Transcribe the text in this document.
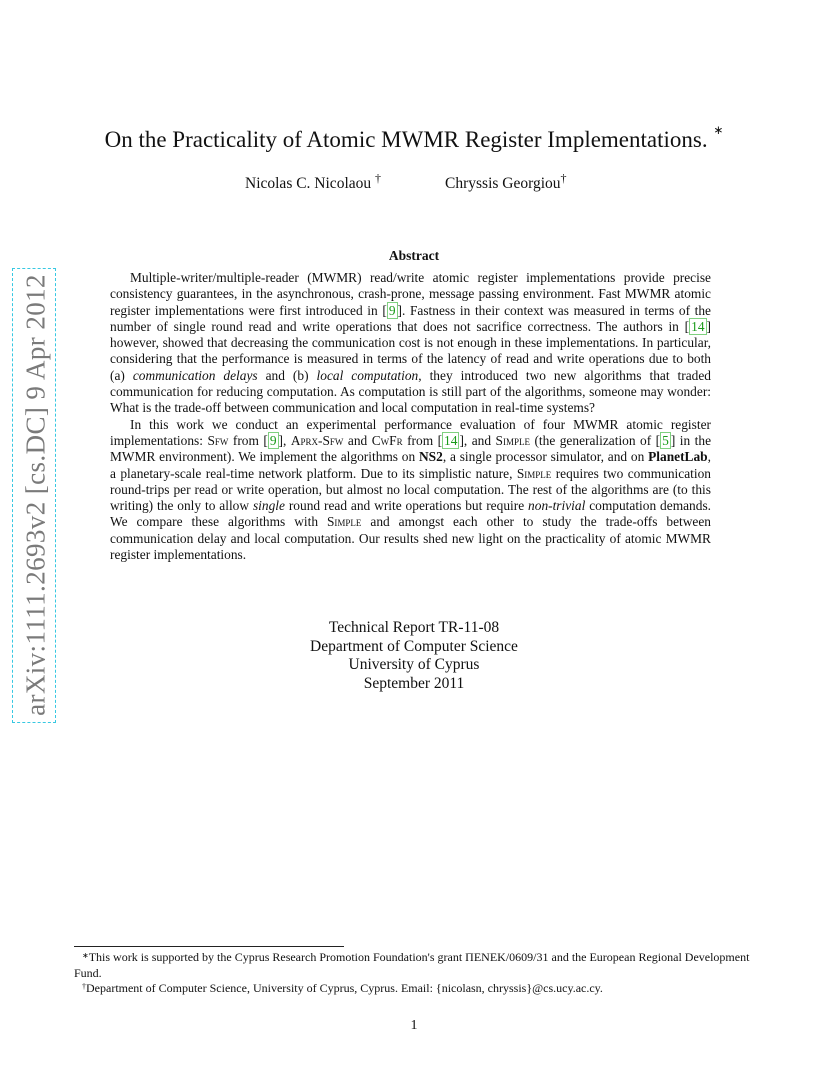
arXiv:1111.2693v2 [cs.DC] 9 Apr 2012
On the Practicality of Atomic MWMR Register Implementations. ∗
Nicolas C. Nicolaou †	Chryssis Georgiou†
Abstract

Multiple-writer/multiple-reader (MWMR) read/write atomic register implementations provide precise consistency guarantees, in the asynchronous, crash-prone, message passing environment. Fast MWMR atomic register implementations were first introduced in [ 9 ]. Fastness in their context was measured in terms of the number of single round read and write operations that does not sacrifice correctness. The authors in [ 14 ] however, showed that decreasing the communication cost is not enough in these implementations. In particular, considering that the performance is measured in terms of the latency of read and write operations due to both (a) communication delays and (b) local computation, they introduced two new algorithms that traded communication for reducing computation. As computation is still part of the algorithms, someone may wonder: What is the trade-off between communication and local computation in real-time systems?

In this work we conduct an experimental performance evaluation of four MWMR atomic register implementations: Sfw from [ 9 ], Aprx-Sfw and CwFr from [ 14 ], and Simple (the generalization of [ 5 ] in the MWMR environment). We implement the algorithms on NS2, a single processor simulator, and on PlanetLab, a planetary-scale real-time network platform. Due to its simplistic nature, Simple requires two communication round-trips per read or write operation, but almost no local computation. The rest of the algorithms are (to this writing) the only to allow single round read and write operations but require non-trivial computation demands. We compare these algorithms with Simple and amongst each other to study the trade-offs between communication delay and local computation. Our results shed new light on the practicality of atomic MWMR register implementations.

Technical Report TR-11-08
Department of Computer Science
University of Cyprus
September 2011

∗This work is supported by the Cyprus Research Promotion Foundation's grant ΠΕΝΕΚ/0609/31 and the European Regional Development Fund.

†Department of Computer Science, University of Cyprus, Cyprus. Email: {nicolasn, chryssis}@cs.ucy.ac.cy.

1
